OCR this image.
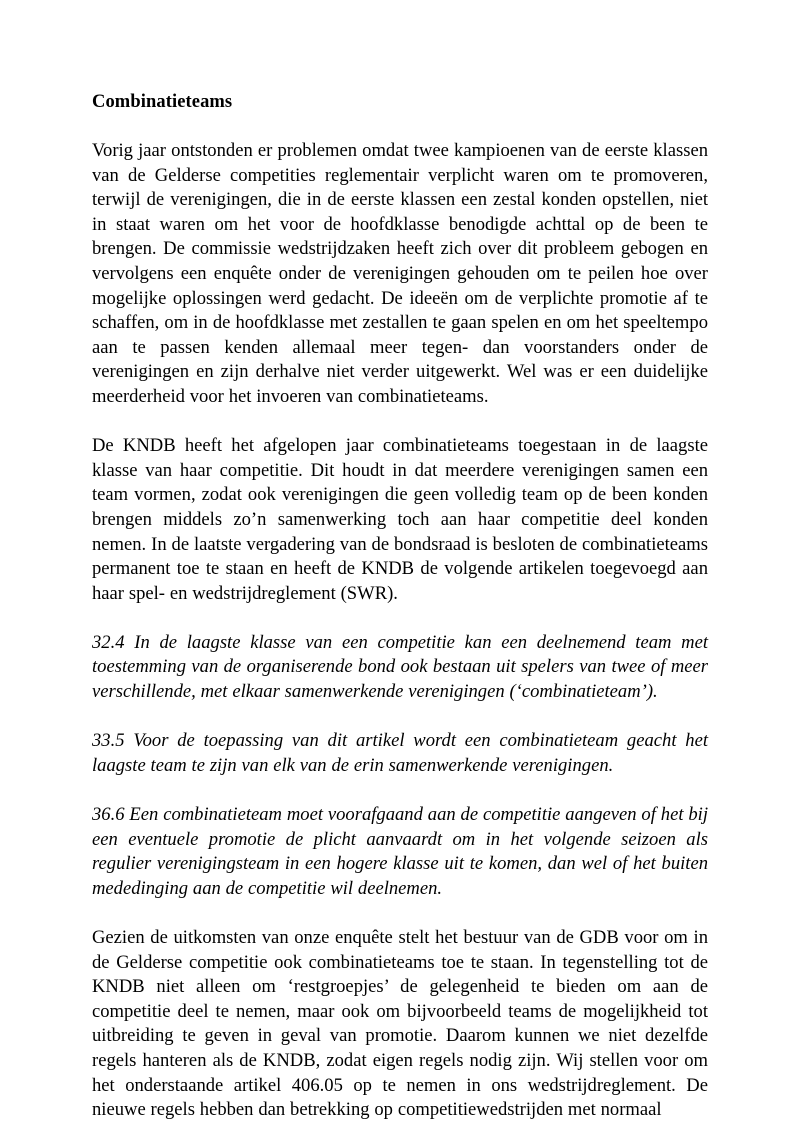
Combinatieteams

Vorig jaar ontstonden er problemen omdat twee kampioenen van de eerste klassen van de Gelderse competities reglementair verplicht waren om te promoveren, terwijl de verenigingen, die in de eerste klassen een zestal konden opstellen, niet in staat waren om het voor de hoofdklasse benodigde achttal op de been te brengen. De commissie wedstrijdzaken heeft zich over dit probleem gebogen en vervolgens een enquête onder de verenigingen gehouden om te peilen hoe over mogelijke oplossingen werd gedacht. De ideeën om de verplichte promotie af te schaffen, om in de hoofdklasse met zestallen te gaan spelen en om het speeltempo aan te passen kenden allemaal meer tegen- dan voorstanders onder de verenigingen en zijn derhalve niet verder uitgewerkt. Wel was er een duidelijke meerderheid voor het invoeren van combinatieteams.

De KNDB heeft het afgelopen jaar combinatieteams toegestaan in de laagste klasse van haar competitie. Dit houdt in dat meerdere verenigingen samen een team vormen, zodat ook verenigingen die geen volledig team op de been konden brengen middels zo’n samenwerking toch aan haar competitie deel konden nemen. In de laatste vergadering van de bondsraad is besloten de combinatieteams permanent toe te staan en heeft de KNDB de volgende artikelen toegevoegd aan haar spel- en wedstrijdreglement (SWR).

32.4 In de laagste klasse van een competitie kan een deelnemend team met toestemming van de organiserende bond ook bestaan uit spelers van twee of meer verschillende, met elkaar samenwerkende verenigingen (‘combinatieteam’).

33.5 Voor de toepassing van dit artikel wordt een combinatieteam geacht het laagste team te zijn van elk van de erin samenwerkende verenigingen.

36.6 Een combinatieteam moet voorafgaand aan de competitie aangeven of het bij een eventuele promotie de plicht aanvaardt om in het volgende seizoen als regulier verenigingsteam in een hogere klasse uit te komen, dan wel of het buiten mededinging aan de competitie wil deelnemen.

Gezien de uitkomsten van onze enquête stelt het bestuur van de GDB voor om in de Gelderse competitie ook combinatieteams toe te staan. In tegenstelling tot de KNDB niet alleen om ‘restgroepjes’ de gelegenheid te bieden om aan de competitie deel te nemen, maar ook om bijvoorbeeld teams de mogelijkheid tot uitbreiding te geven in geval van promotie. Daarom kunnen we niet dezelfde regels hanteren als de KNDB, zodat eigen regels nodig zijn. Wij stellen voor om het onderstaande artikel 406.05 op te nemen in ons wedstrijdreglement. De nieuwe regels hebben dan betrekking op competitiewedstrijden met normaal
